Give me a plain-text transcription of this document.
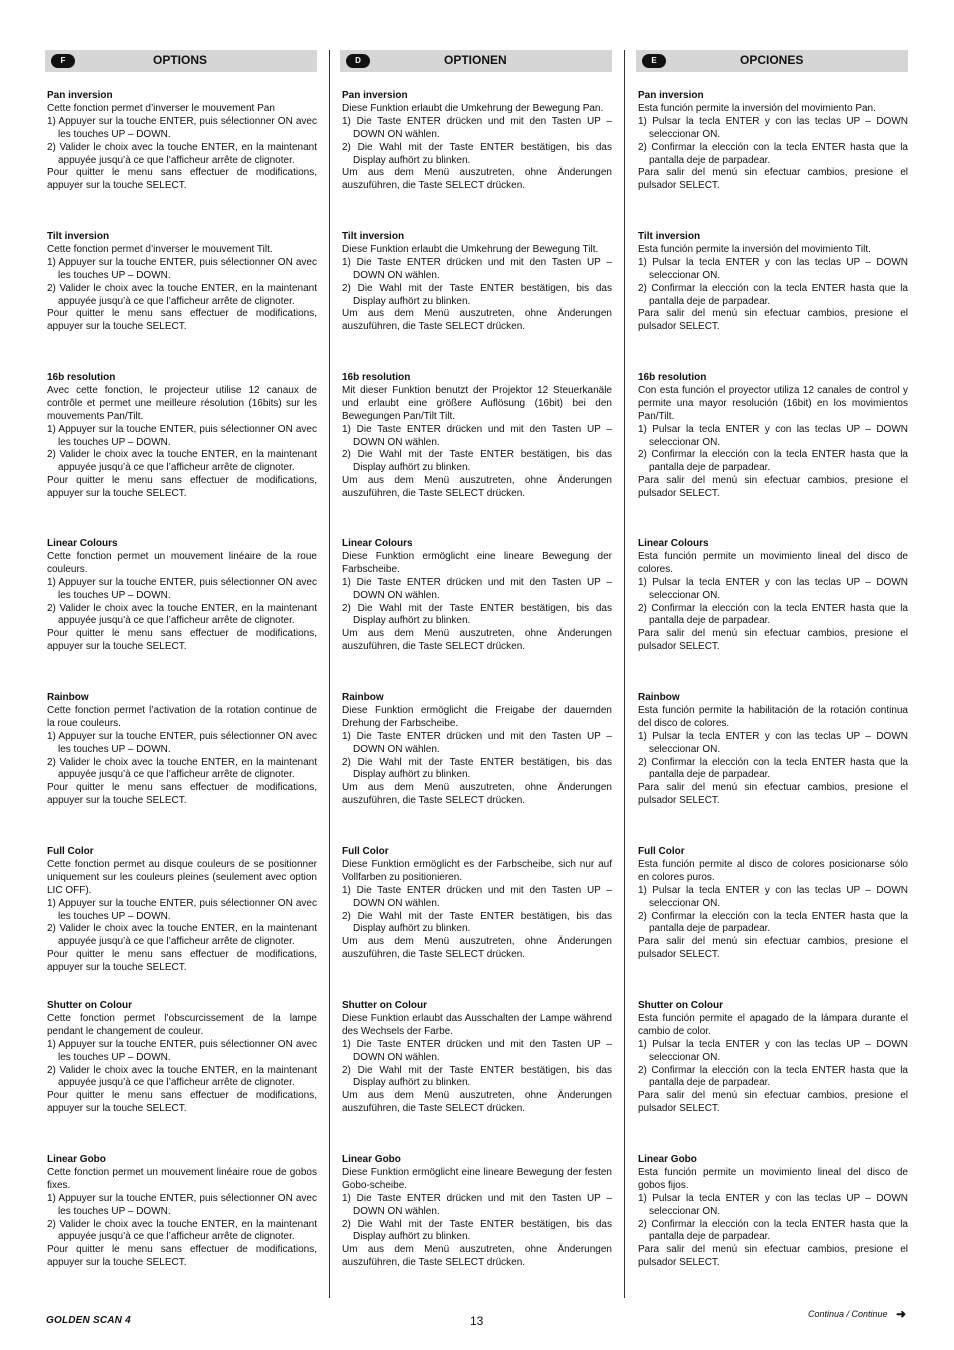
F	OPTIONS
Pan inversion
Cette fonction permet d’inverser le mouvement Pan
1) Appuyer sur la touche ENTER, puis sélectionner ON avec les touches UP – DOWN.
2) Valider le choix avec la touche ENTER, en la maintenant appuyée jusqu’à ce que l’afficheur arrête de clignoter.
Pour quitter le menu sans effectuer de modifications, appuyer sur la touche SELECT.
Tilt inversion
Cette fonction permet d’inverser le mouvement Tilt.
1) Appuyer sur la touche ENTER, puis sélectionner ON avec les touches UP – DOWN.
2) Valider le choix avec la touche ENTER, en la maintenant appuyée jusqu’à ce que l’afficheur arrête de clignoter.
Pour quitter le menu sans effectuer de modifications, appuyer sur la touche SELECT.
16b resolution
Avec cette fonction, le projecteur utilise 12 canaux de contrôle et permet une meilleure résolution (16bits) sur les mouvements Pan/Tilt.
1) Appuyer sur la touche ENTER, puis sélectionner ON avec les touches UP – DOWN.
2) Valider le choix avec la touche ENTER, en la maintenant appuyée jusqu’à ce que l’afficheur arrête de clignoter.
Pour quitter le menu sans effectuer de modifications, appuyer sur la touche SELECT.
Linear Colours
Cette fonction permet un mouvement linéaire de la roue couleurs.
1) Appuyer sur la touche ENTER, puis sélectionner ON avec les touches UP – DOWN.
2) Valider le choix avec la touche ENTER, en la maintenant appuyée jusqu’à ce que l’afficheur arrête de clignoter.
Pour quitter le menu sans effectuer de modifications, appuyer sur la touche SELECT.
Rainbow
Cette fonction permet l’activation de la rotation continue de la roue couleurs.
1) Appuyer sur la touche ENTER, puis sélectionner ON avec les touches UP – DOWN.
2) Valider le choix avec la touche ENTER, en la maintenant appuyée jusqu’à ce que l’afficheur arrête de clignoter.
Pour quitter le menu sans effectuer de modifications, appuyer sur la touche SELECT.
Full Color
Cette fonction permet au disque couleurs de se positionner uniquement sur les couleurs pleines (seulement avec option LIC OFF).
1) Appuyer sur la touche ENTER, puis sélectionner ON avec les touches UP – DOWN.
2) Valider le choix avec la touche ENTER, en la maintenant appuyée jusqu’à ce que l’afficheur arrête de clignoter.
Pour quitter le menu sans effectuer de modifications, appuyer sur la touche SELECT.
Shutter on Colour
Cette fonction permet l’obscurcissement de la lampe pendant le changement de couleur.
1) Appuyer sur la touche ENTER, puis sélectionner ON avec les touches UP – DOWN.
2) Valider le choix avec la touche ENTER, en la maintenant appuyée jusqu’à ce que l’afficheur arrête de clignoter.
Pour quitter le menu sans effectuer de modifications, appuyer sur la touche SELECT.
Linear Gobo
Cette fonction permet un mouvement linéaire roue de gobos fixes.
1) Appuyer sur la touche ENTER, puis sélectionner ON avec les touches UP – DOWN.
2) Valider le choix avec la touche ENTER, en la maintenant appuyée jusqu’à ce que l’afficheur arrête de clignoter.
Pour quitter le menu sans effectuer de modifications, appuyer sur la touche SELECT.
D	OPTIONEN
Pan inversion
Diese Funktion erlaubt die Umkehrung der Bewegung Pan.
1) Die Taste ENTER drücken und mit den Tasten UP – DOWN ON wählen.
2) Die Wahl mit der Taste ENTER bestätigen, bis das Display aufhört zu blinken.
Um aus dem Menü auszutreten, ohne Änderungen auszuführen, die Taste SELECT drücken.
Tilt inversion
Diese Funktion erlaubt die Umkehrung der Bewegung Tilt.
1) Die Taste ENTER drücken und mit den Tasten UP – DOWN ON wählen.
2) Die Wahl mit der Taste ENTER bestätigen, bis das Display aufhört zu blinken.
Um aus dem Menü auszutreten, ohne Änderungen auszuführen, die Taste SELECT drücken.
16b resolution
Mit dieser Funktion benutzt der Projektor 12 Steuerkanäle und erlaubt eine größere Auflösung (16bit) bei den Bewegungen Pan/Tilt Tilt.
1) Die Taste ENTER drücken und mit den Tasten UP – DOWN ON wählen.
2) Die Wahl mit der Taste ENTER bestätigen, bis das Display aufhört zu blinken.
Um aus dem Menü auszutreten, ohne Änderungen auszuführen, die Taste SELECT drücken.
Linear Colours
Diese Funktion ermöglicht eine lineare Bewegung der Farbscheibe.
1) Die Taste ENTER drücken und mit den Tasten UP – DOWN ON wählen.
2) Die Wahl mit der Taste ENTER bestätigen, bis das Display aufhört zu blinken.
Um aus dem Menü auszutreten, ohne Änderungen auszuführen, die Taste SELECT drücken.
Rainbow
Diese Funktion ermöglicht die Freigabe der dauernden Drehung der Farbscheibe.
1) Die Taste ENTER drücken und mit den Tasten UP – DOWN ON wählen.
2) Die Wahl mit der Taste ENTER bestätigen, bis das Display aufhört zu blinken.
Um aus dem Menü auszutreten, ohne Änderungen auszuführen, die Taste SELECT drücken.
Full Color
Diese Funktion ermöglicht es der Farbscheibe, sich nur auf Vollfarben zu positionieren.
1) Die Taste ENTER drücken und mit den Tasten UP – DOWN ON wählen.
2) Die Wahl mit der Taste ENTER bestätigen, bis das Display aufhört zu blinken.
Um aus dem Menü auszutreten, ohne Änderungen auszuführen, die Taste SELECT drücken.
Shutter on Colour
Diese Funktion erlaubt das Ausschalten der Lampe während des Wechsels der Farbe.
1) Die Taste ENTER drücken und mit den Tasten UP – DOWN ON wählen.
2) Die Wahl mit der Taste ENTER bestätigen, bis das Display aufhört zu blinken.
Um aus dem Menü auszutreten, ohne Änderungen auszuführen, die Taste SELECT drücken.
Linear Gobo
Diese Funktion ermöglicht eine lineare Bewegung der festen Gobo-scheibe.
1) Die Taste ENTER drücken und mit den Tasten UP – DOWN ON wählen.
2) Die Wahl mit der Taste ENTER bestätigen, bis das Display aufhört zu blinken.
Um aus dem Menü auszutreten, ohne Änderungen auszuführen, die Taste SELECT drücken.
E	OPCIONES
Pan inversion
Esta función permite la inversión del movimiento Pan.
1) Pulsar la tecla ENTER y con las teclas UP – DOWN seleccionar ON.
2) Confirmar la elección con la tecla ENTER hasta que la pantalla deje de parpadear.
Para salir del menú sin efectuar cambios, presione el pulsador SELECT.
Tilt inversion
Esta función permite la inversión del movimiento Tilt.
1) Pulsar la tecla ENTER y con las teclas UP – DOWN seleccionar ON.
2) Confirmar la elección con la tecla ENTER hasta que la pantalla deje de parpadear.
Para salir del menú sin efectuar cambios, presione el pulsador SELECT.
16b resolution
Con esta función el proyector utiliza 12 canales de control y permite una mayor resolución (16bit) en los movimientos Pan/Tilt.
1) Pulsar la tecla ENTER y con las teclas UP – DOWN seleccionar ON.
2) Confirmar la elección con la tecla ENTER hasta que la pantalla deje de parpadear.
Para salir del menú sin efectuar cambios, presione el pulsador SELECT.
Linear Colours
Esta función permite un movimiento lineal del disco de colores.
1) Pulsar la tecla ENTER y con las teclas UP – DOWN seleccionar ON.
2) Confirmar la elección con la tecla ENTER hasta que la pantalla deje de parpadear.
Para salir del menú sin efectuar cambios, presione el pulsador SELECT.
Rainbow
Esta función permite la habilitación de la rotación continua del disco de colores.
1) Pulsar la tecla ENTER y con las teclas UP – DOWN seleccionar ON.
2) Confirmar la elección con la tecla ENTER hasta que la pantalla deje de parpadear.
Para salir del menú sin efectuar cambios, presione el pulsador SELECT.
Full Color
Esta función permite al disco de colores posicionarse sólo en colores puros.
1) Pulsar la tecla ENTER y con las teclas UP – DOWN seleccionar ON.
2) Confirmar la elección con la tecla ENTER hasta que la pantalla deje de parpadear.
Para salir del menú sin efectuar cambios, presione el pulsador SELECT.
Shutter on Colour
Esta función permite el apagado de la lámpara durante el cambio de color.
1) Pulsar la tecla ENTER y con las teclas UP – DOWN seleccionar ON.
2) Confirmar la elección con la tecla ENTER hasta que la pantalla deje de parpadear.
Para salir del menú sin efectuar cambios, presione el pulsador SELECT.
Linear Gobo
Esta función permite un movimiento lineal del disco de gobos fijos.
1) Pulsar la tecla ENTER y con las teclas UP – DOWN seleccionar ON.
2) Confirmar la elección con la tecla ENTER hasta que la pantalla deje de parpadear.
Para salir del menú sin efectuar cambios, presione el pulsador SELECT.
GOLDEN SCAN 4	13	Continua / Continue ➜
